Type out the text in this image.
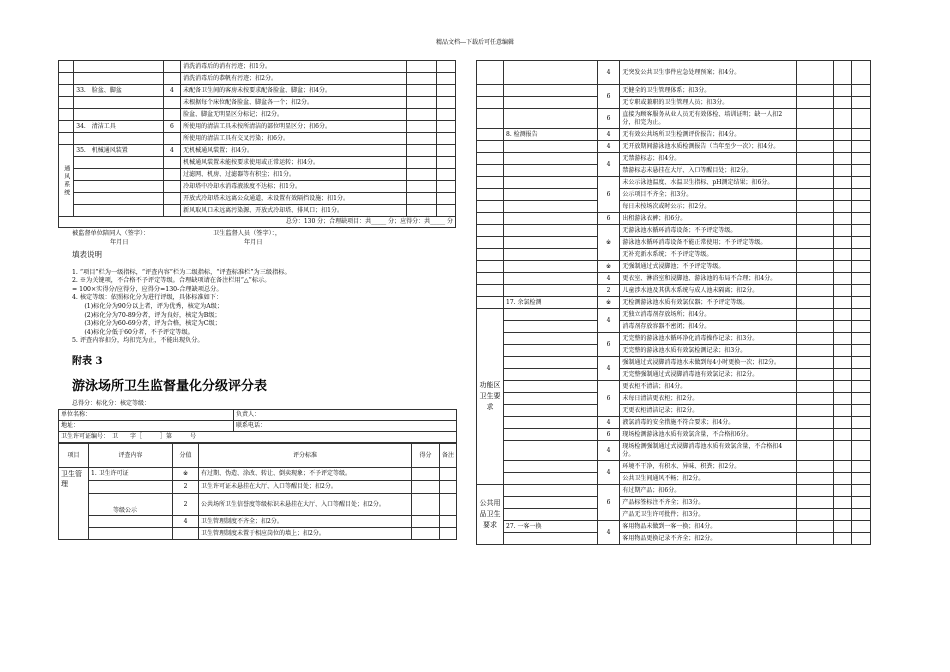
精品文档---下载后可任意编辑
			消洗消毒后的消有污迹；扣1分。		
			消洗消毒后的恭帆有污迹；扣2分。		
	33.　脸盆、脚盆	4	未配备卫生间的客房未按要求配备脸盆、脚盆；扣4分。		
			未根据每个床位配备脸盆、脚盆各一个；扣2分。		
			脸盆、脚盆无明显区分标记；扣2分。		
	34.　清洁工具	6	所使用的清洁工具未按所清洁的部位明显区分；扣6分。		
			所使用的清洁工具有交叉污染；扣6分。		
通风系统	35.　机械通风装置	4	无机械通风装置；扣4分。		
			机械通风装置未能按要求使用或正常运转；扣4分。		
			过滤网、机房、过滤器等有积尘；扣1分。		
			冷却塔中冷却水消毒液浓度不达标；扣1分。		
			开放式冷却塔未远离公众通道，未设置有效隔挡设施；扣1分。		
			新风取风口未远离污染源、开放式冷却塔、排风口；扣1分。		
总分：130 分；合理缺项目：共_____ 分；应得分：共_____ 分					
被监督单位陪同人（签字）：	卫生监督人员（签字）：，
年月日	年月日
填表说明

1. “项目”栏为一级指标，“评查内容”栏为二级指标，“评查标准栏”为三级指标。
2. ※为关键项，不合格不予评定等级。合理缺项请在备注栏用“△”标示。
= 100×实得分/应得分，应得分=130-合理缺项总分。
4. 核定等级：依照标化分为进行评级，具体标准如下：
　　(1)标化分为90分以上者，评为优秀，核定为A级；
　　(2)标化分为70-89分者，评为良好，核定为B级；
　　(3)标化分为60-69分者，评为合格，核定为C级；
　　(4)标化分低于60分者，不予评定等级。
5. 评查内容扣分，均扣完为止，不能出现负分。
附表 3
游泳场所卫生监督量化分级评分表
总得分：标化分：核定等级：
单位名称：	负责人：
地址：	联系电话：
卫生许可证编号：　卫　　字［　　　］第　　　号	
项目	评查内容	分值	评分标准	得分	备注
卫生管理	1. 卫生许可证	※	有过期、伪造、涂改、转让、倒卖现象；不予评定等级。		
		2	卫生许可证未悬挂在大厅、入口等醒目处；扣2分。		
	等级公示	2	公共场所卫生信誉度等级标识未悬挂在大厅、入口等醒目处；扣2分。		
		4	卫生管理制度不齐全；扣2分。		
			卫生管理制度未置于相应岗位的墙上；扣2分。		
		4	无突发公共卫生事件应急处理预案；扣4分。			
		6	无健全的卫生管理体系；扣3分。			
			无专职或兼职的卫生管理人员；扣3分。			
		6	直接为顾客服务从业人员无有效体检、培训证明；缺一人扣2分，扣完为止。			
	8. 检测报告	4	无有效公共场所卫生检测评价报告；扣4分。			
		4	无开放期间游泳池水质检测报告（当年至少一次）；扣4分。			
		4	无禁游标志；扣4分。			
			禁游标志未悬挂在大厅、入口等醒目处；扣2分。			
		6	未公示泳池温度、水温卫生指标、pH测定结果；扣6分。			
			公示项目不齐全；扣3分。			
			每日未按场次或时公示；扣2分。			
		6	出租游泳衣裤；扣6分。			
		※	无游泳池水循环消毒设备；不予评定等级。			
			游泳池水循环消毒设备不能正常使用；不予评定等级。			
			无补充新水系统；不予评定等级。			
		※	无强制通过式浸脚池；不予评定等级。			
		4	更衣室、淋浴室和浸脚池、游泳池的布局不合理；扣4分。			
		2	儿童涉水池及其供水系统与成人池未隔离；扣2分。			
	17. 余氯检测	※	无检测游泳池水质有效氯仪器；不予评定等级。			
功能区卫生要求		4	无独立消毒剂存放场所；扣4分。			
			消毒剂存放容器不密闭；扣4分。			
		6	无完整的游泳池水循环净化消毒操作记录；扣3分。			
			无完整的游泳池水质有效氯检测记录；扣3分。			
		4	强制通过式浸脚消毒池水未做到每4小时更换一次；扣2分。			
			无完整强制通过式浸脚消毒池有效氯记录；扣2分。			
		6	更衣柜不清洁；扣4分。			
			未每日清洁更衣柜；扣2分。			
			无更衣柜清洁记录；扣2分。			
		4	液氯消毒的安全措施不符合要求；扣4分。			
		6	现场检测游泳池水质有效氯含量，不合格扣6分。			
		4	现场检测强制通过式浸脚消毒池水质有效氯含量，不合格扣4分。			
		4	环境不干净，有积水、异味、积粪；扣2分。			
			公共卫生间通风不畅；扣2分。			
公共用品卫生要求		6	有过期产品；扣6分。			
			产品标签标注不齐全；扣3分。			
			产品无卫生许可批件；扣3分。			
	27. 一客一换	4	客用物品未做到一客一换；扣4分。			
			客用物品更换记录不齐全；扣2分。			
